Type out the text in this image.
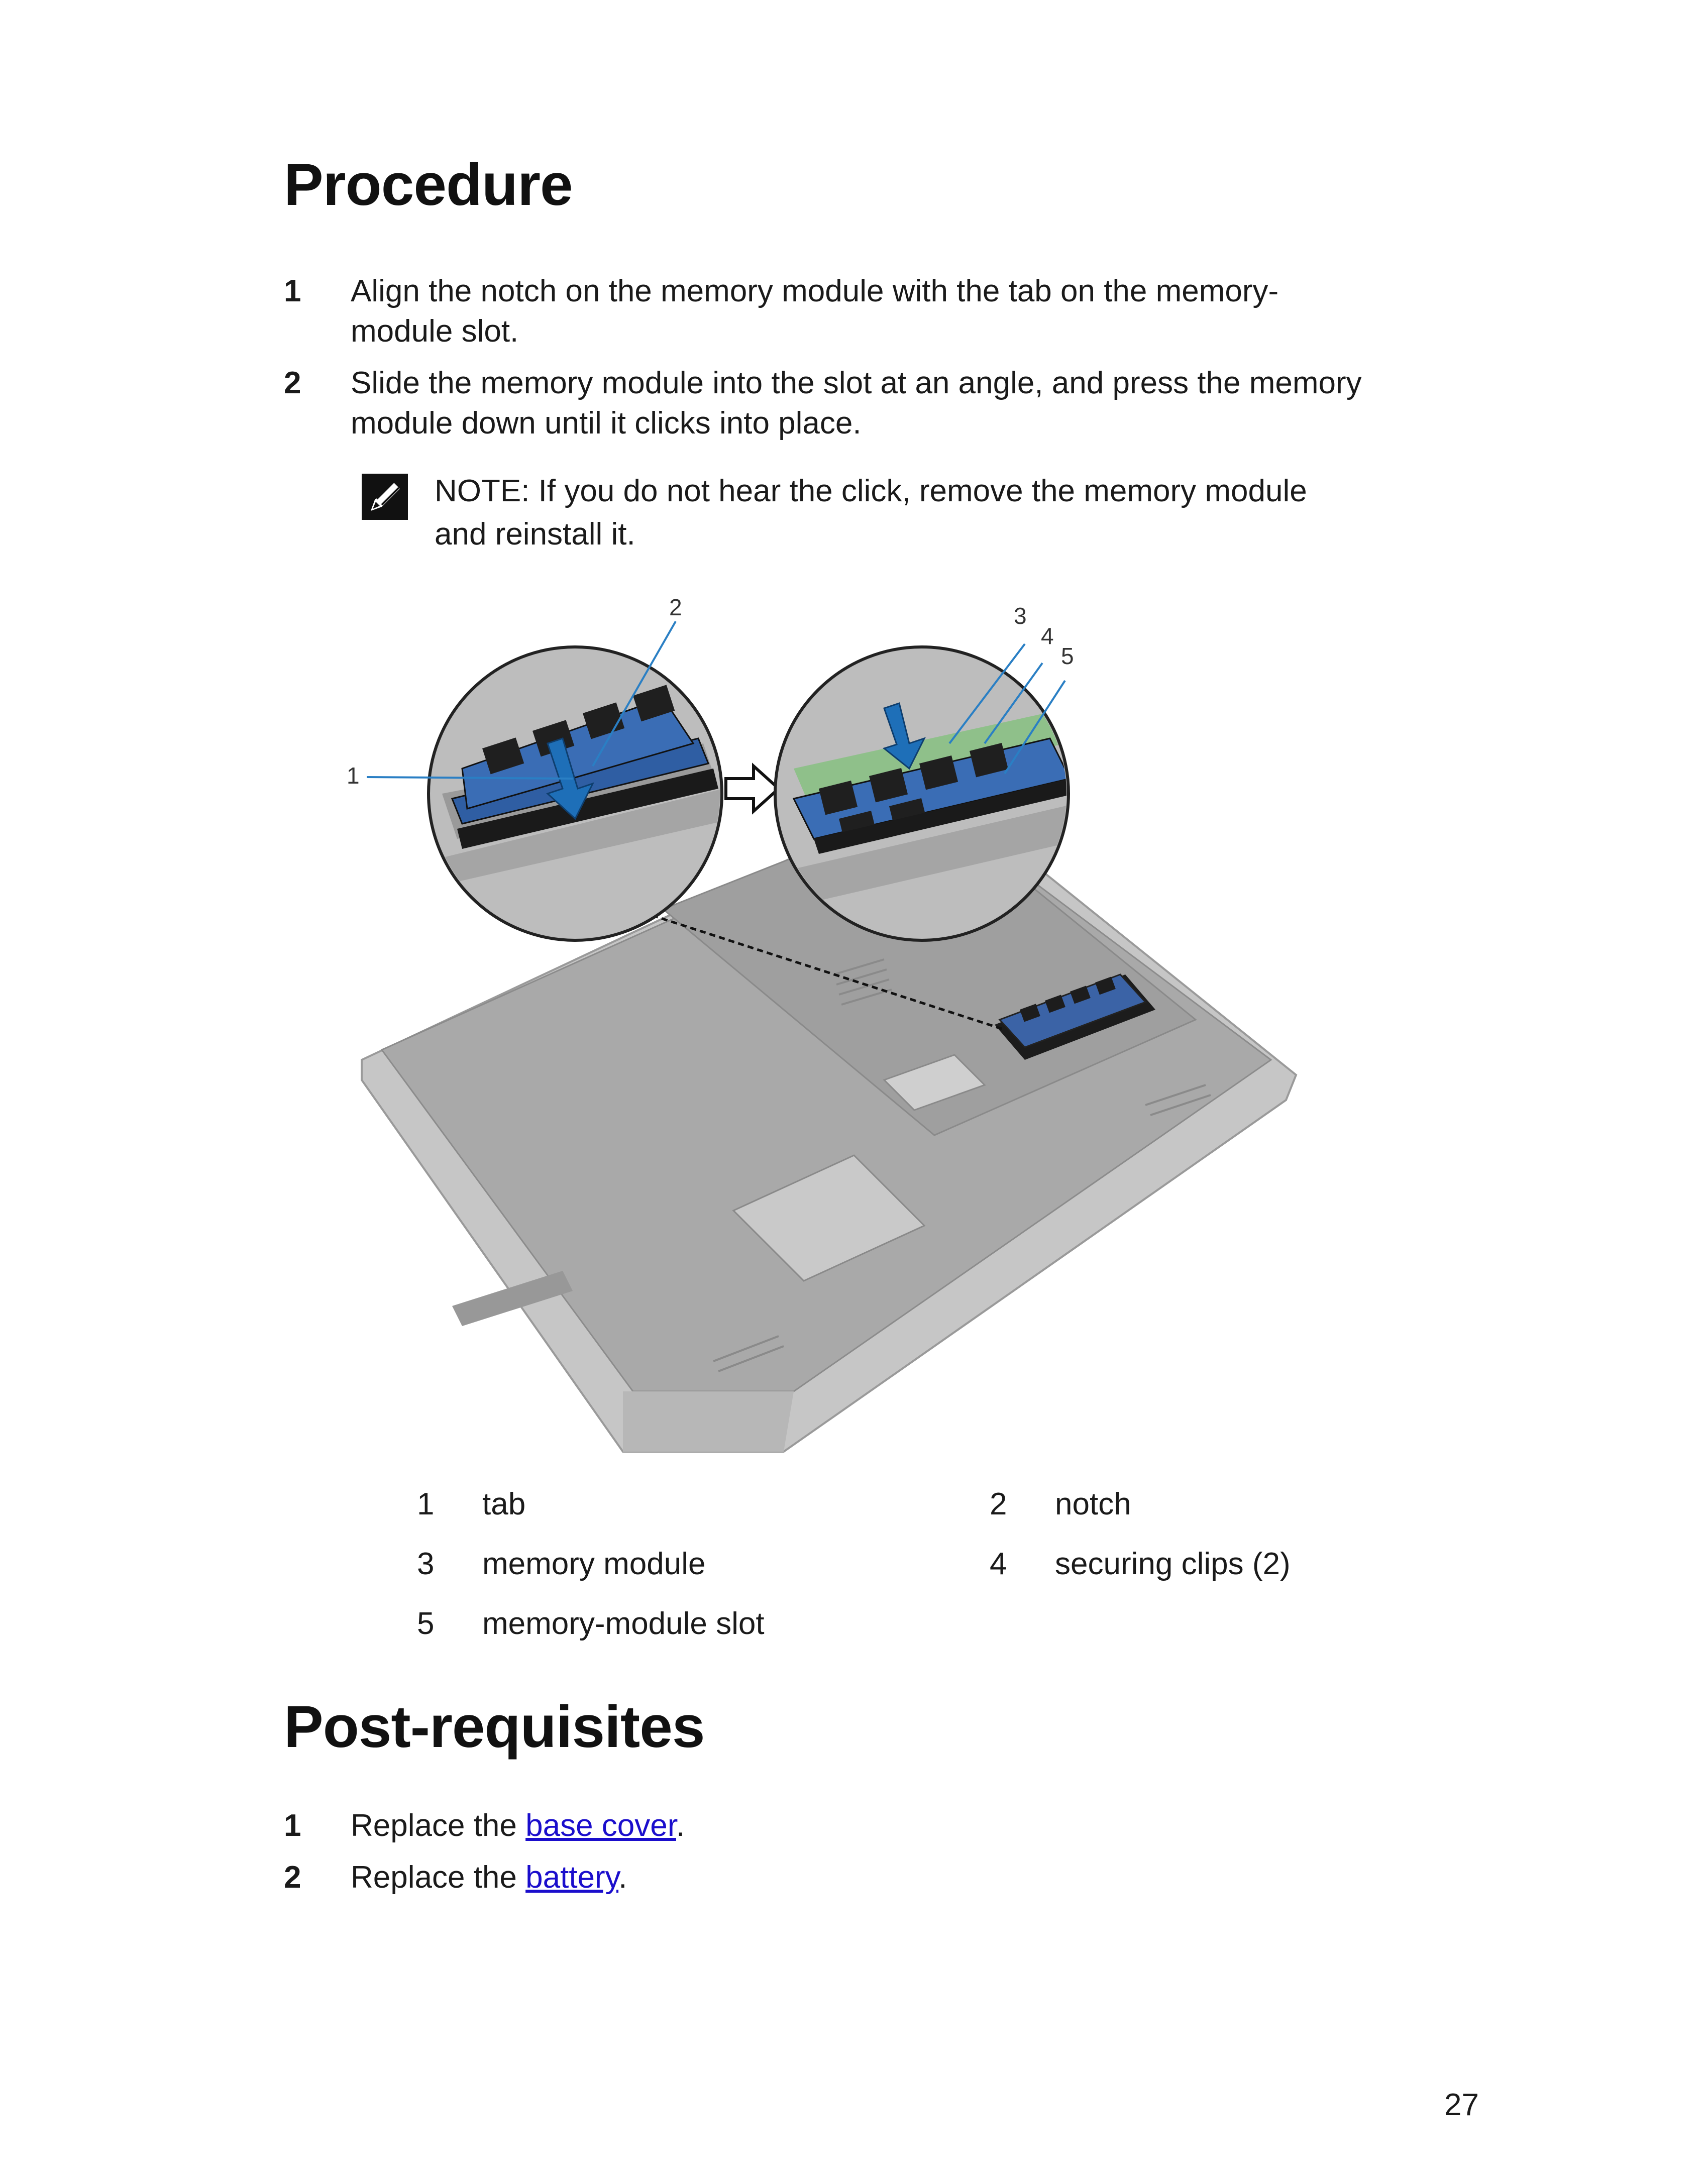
Procedure
1	Align the notch on the memory module with the tab on the memory-
module slot.
2	Slide the memory module into the slot at an angle, and press the memory
module down until it clicks into place.
NOTE: If you do not hear the click, remove the memory module
and reinstall it.
1
2	3
4
5
1 tab	2 notch
3 memory module	4 securing clips (2)
5 memory-module slot
Post-requisites
1	Replace the base cover.
2	Replace the battery.
27
